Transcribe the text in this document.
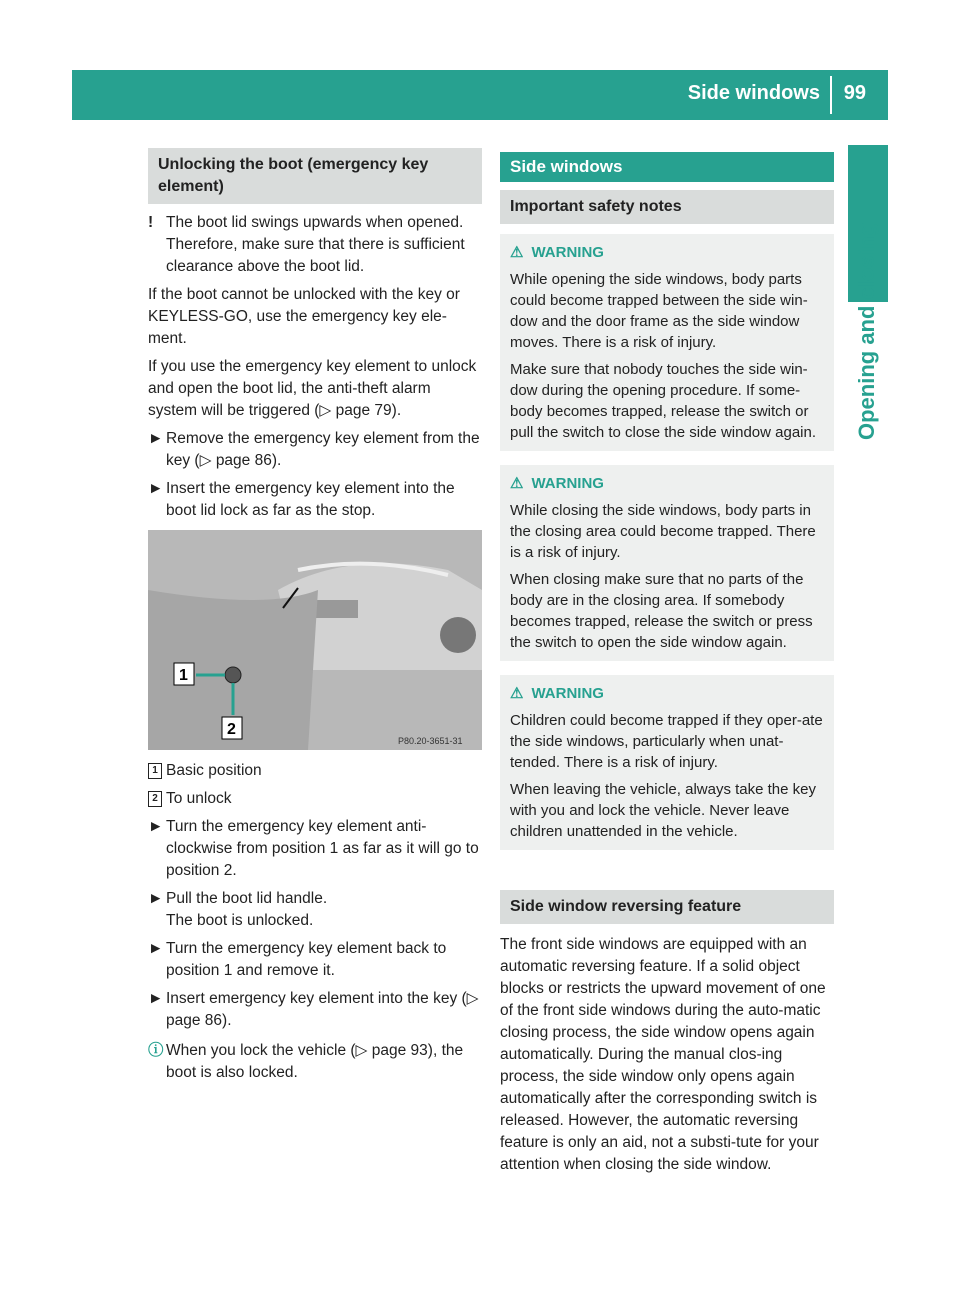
Side windows 99
Opening and closing
Unlocking the boot (emergency key element)
! The boot lid swings upwards when opened. Therefore, make sure that there is sufficient clearance above the boot lid.

If the boot cannot be unlocked with the key or KEYLESS-GO, use the emergency key ele-ment.

If you use the emergency key element to unlock and open the boot lid, the anti-theft alarm system will be triggered (▷ page 79).

► Remove the emergency key element from the key (▷ page 86).
► Insert the emergency key element into the boot lid lock as far as the stop.
1
2
P80.20-3651-31
1 Basic position
2 To unlock
► Turn the emergency key element anti-clockwise from position 1 as far as it will go to position 2.
► Pull the boot lid handle.
The boot is unlocked.
► Turn the emergency key element back to position 1 and remove it.
► Insert emergency key element into the key (▷ page 86).
ⓘ When you lock the vehicle (▷ page 93), the boot is also locked.
Side windows
Important safety notes
⚠ WARNING

While opening the side windows, body parts could become trapped between the side win-dow and the door frame as the side window moves. There is a risk of injury.

Make sure that nobody touches the side win-dow during the opening procedure. If some-body becomes trapped, release the switch or pull the switch to close the side window again.

⚠ WARNING

While closing the side windows, body parts in the closing area could become trapped. There is a risk of injury.

When closing make sure that no parts of the body are in the closing area. If somebody becomes trapped, release the switch or press the switch to open the side window again.

⚠ WARNING

Children could become trapped if they oper-ate the side windows, particularly when unat-tended. There is a risk of injury.

When leaving the vehicle, always take the key with you and lock the vehicle. Never leave children unattended in the vehicle.

Side window reversing feature

The front side windows are equipped with an automatic reversing feature. If a solid object blocks or restricts the upward movement of one of the front side windows during the auto-matic closing process, the side window opens again automatically. During the manual clos-ing process, the side window only opens again automatically after the corresponding switch is released. However, the automatic reversing feature is only an aid, not a substi-tute for your attention when closing the side window.
